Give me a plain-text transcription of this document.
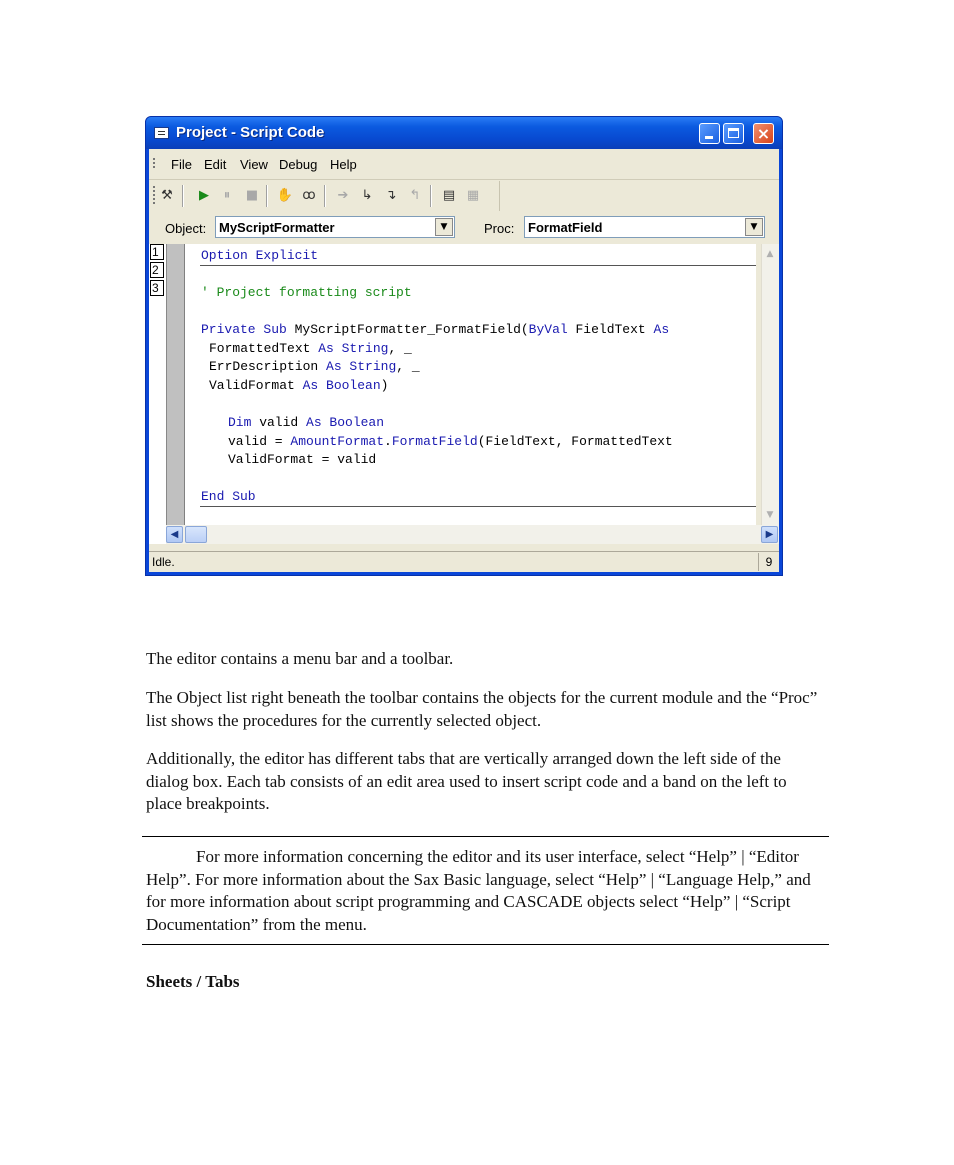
Project - Script Code	×
File Edit View Debug Help
⚒	▶	⏸	■ ✋ ꝏ	➔	↳	↴	↰	▤ ▦
Object: MyScriptFormatter	▼	Proc: FormatField	▼
1
2
3
Option Explicit
' Project formatting script
Private Sub MyScriptFormatter_FormatField(ByVal FieldText As
FormattedText As String, _
ErrDescription As String, _
ValidFormat As Boolean)
Dim valid As Boolean
valid = AmountFormat.FormatField(FieldText, FormattedText
ValidFormat = valid
End Sub
▲
▼
◀	▶
Idle.	9

The editor contains a menu bar and a toolbar.

The Object list right beneath the toolbar contains the objects for the current module and the “Proc” list shows the procedures for the currently selected object.

Additionally, the editor has different tabs that are vertically arranged down the left side of the dialog box. Each tab consists of an edit area used to insert script code and a band on the left to place breakpoints.

For more information concerning the editor and its user interface, select “Help” | “Editor Help”. For more information about the Sax Basic language, select “Help” | “Language Help,” and for more information about script programming and CASCADE objects select “Help” | “Script Documentation” from the menu.

Sheets / Tabs
